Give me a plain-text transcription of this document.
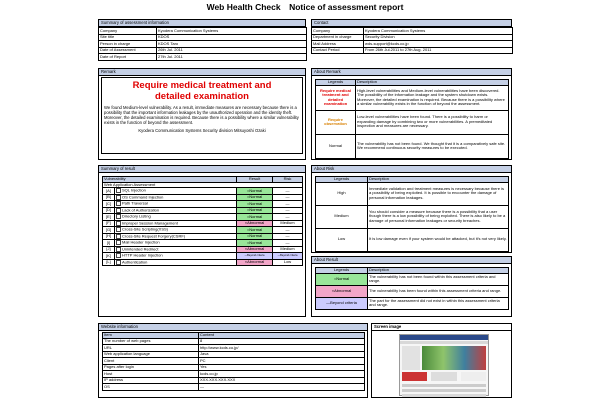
Web Health Check　Notice of assessment report
Summary of assessment information
Company	Kyodera Communication Systems
Site title	KDOS
Person in charge	KDOS Taro
Date of Assessment	26th Jul. 2011
Date of Report	27th Jul. 2011
Contact
Company	Kyodera Communication Systems
Department in charge	Security Division
Mail Address	wds-support@kcds.co.jp
Contact Period	From 26th Jul.2011 to 27th Aug. 2011
Remark
Require medical treatment and
detailed examination
We found Medium-level vulnerability. As a result, immediate measures are necessary because there is a possibility that the important information leakages by the unauthorized operation and the identity theft. Moreover, the detailed examination is required. Because there is a possibility where a similar vulnerability exists in the function of beyond the assessment.
Kyodera Communication Systems Security division Mitsuyoshi Ozaki
About Remark
Legends	Description
Require medical treatment and detailed examination	High-level vulnerabilities and Medium-level vulnerabilities have been discovered. The possibility of the information leakage and the system shutdown exists. Moreover, the detailed examination is required. Because there is a possibility where a similar vulnerability exists in the function of beyond the assessment.
Require observation	Low-level vulnerabilities have been found. There is a possibility to harm or expanding damage by combining two or more vulnerabilities. A premeditated inspection and measures are necessary.
Normal	The vulnerability has not been found. We thought that it is a comparatively safe site. We recommend continuous security measures to be executed.
Summary of result
Vulnerability		Result	Risk
Web Application Assessment			
[A]	SQL Injection	○Normal	—
[B]	OS Command Injection	○Normal	—
[C]	Path Traversal	○Normal	—
[D]	Lack of Authorization	○Normal	—
[E]	Directory Listing	○Normal	—
[F]	Improper Session Management	×Abnormal	Medium
[G]	Cross-Site Scripting(XSS)	○Normal	—
[H]	Cross-Site Request Forgery(CSRF)	○Normal	—
[I]	Mail Header Injection	○Normal	—
[J]	Unintended Redirect	×Abnormal	Medium
[K]	HTTP Header Injection	—Beyond criteria	—Beyond criteria
[L]	Authentication	×Abnormal	Low
About Risk
Legends	Description
High	Immediate validation and treatment measures is necessary because there is a possibility of being exploited. It is possible to encounter the damage of personal information leakages.
Medium	You should consider a measure because there is a possibility that a user though there is a low possibility of being exploited. There is also likely to be a damage of personal information leakages or security breaches.
Low	It is low damage even if your system would be attacked, but it's not very likely.
About Result
Legends	Description
○Normal	The vulnerability has not been found within this assessment criteria and range.
×Abnormal	The vulnerability has been found within this assessment criteria and range.
—Beyond criteria	The part for the assessment did not exist in within this assessment criteria and range.
Website information
Item	Content
The number of web pages	8
URL	http://www.kcds.co.jp/
Web application language	Java
Client	PC
Pages after login	Yes
Host	kcds.co.jp
IP address	XXX.XXX.XXX.XXX
OS	—
Screen image
